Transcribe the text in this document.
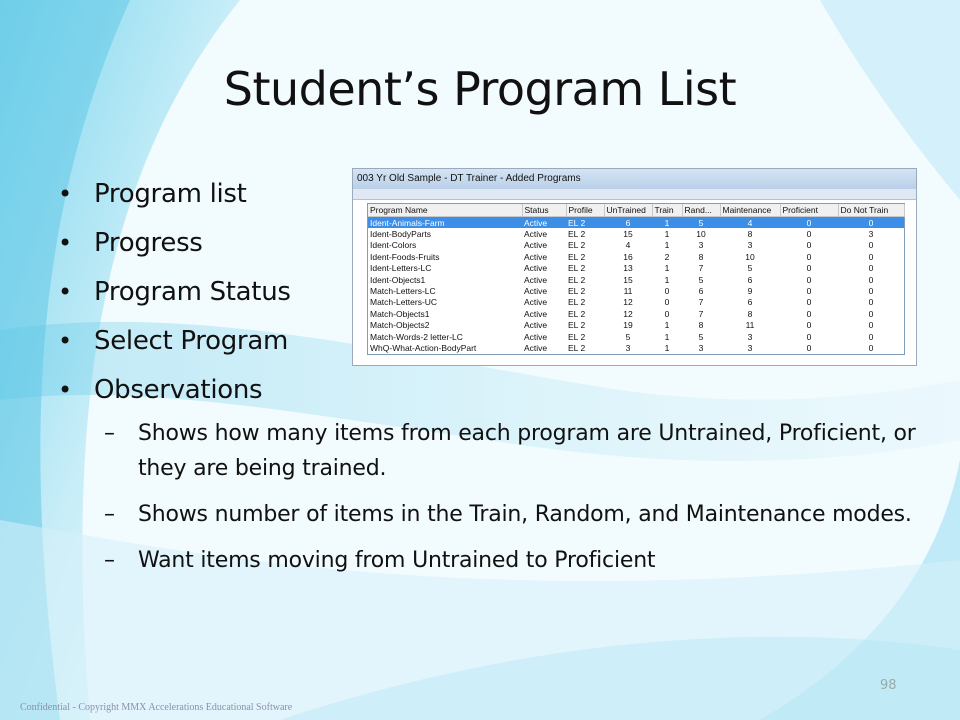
Student’s Program List
• Program list
• Progress
• Program Status
• Select Program
• Observations
– Shows how many items from each program are Untrained, Proficient, or they are being trained.
– Shows number of items in the Train, Random, and Maintenance modes.
– Want items moving from Untrained to Proficient
003 Yr Old Sample - DT Trainer - Added Programs
Program Name	Status	Profile	UnTrained	Train	Rand...	Maintenance	Proficient	Do Not Train
Ident-Animals-Farm	Active	EL 2	6	1	5	4	0	0
Ident-BodyParts	Active	EL 2	15	1	10	8	0	3
Ident-Colors	Active	EL 2	4	1	3	3	0	0
Ident-Foods-Fruits	Active	EL 2	16	2	8	10	0	0
Ident-Letters-LC	Active	EL 2	13	1	7	5	0	0
Ident-Objects1	Active	EL 2	15	1	5	6	0	0
Match-Letters-LC	Active	EL 2	11	0	6	9	0	0
Match-Letters-UC	Active	EL 2	12	0	7	6	0	0
Match-Objects1	Active	EL 2	12	0	7	8	0	0
Match-Objects2	Active	EL 2	19	1	8	11	0	0
Match-Words-2 letter-LC	Active	EL 2	5	1	5	3	0	0
WhQ-What-Action-BodyPart	Active	EL 2	3	1	3	3	0	0
98
Confidential - Copyright MMX Accelerations Educational Software
